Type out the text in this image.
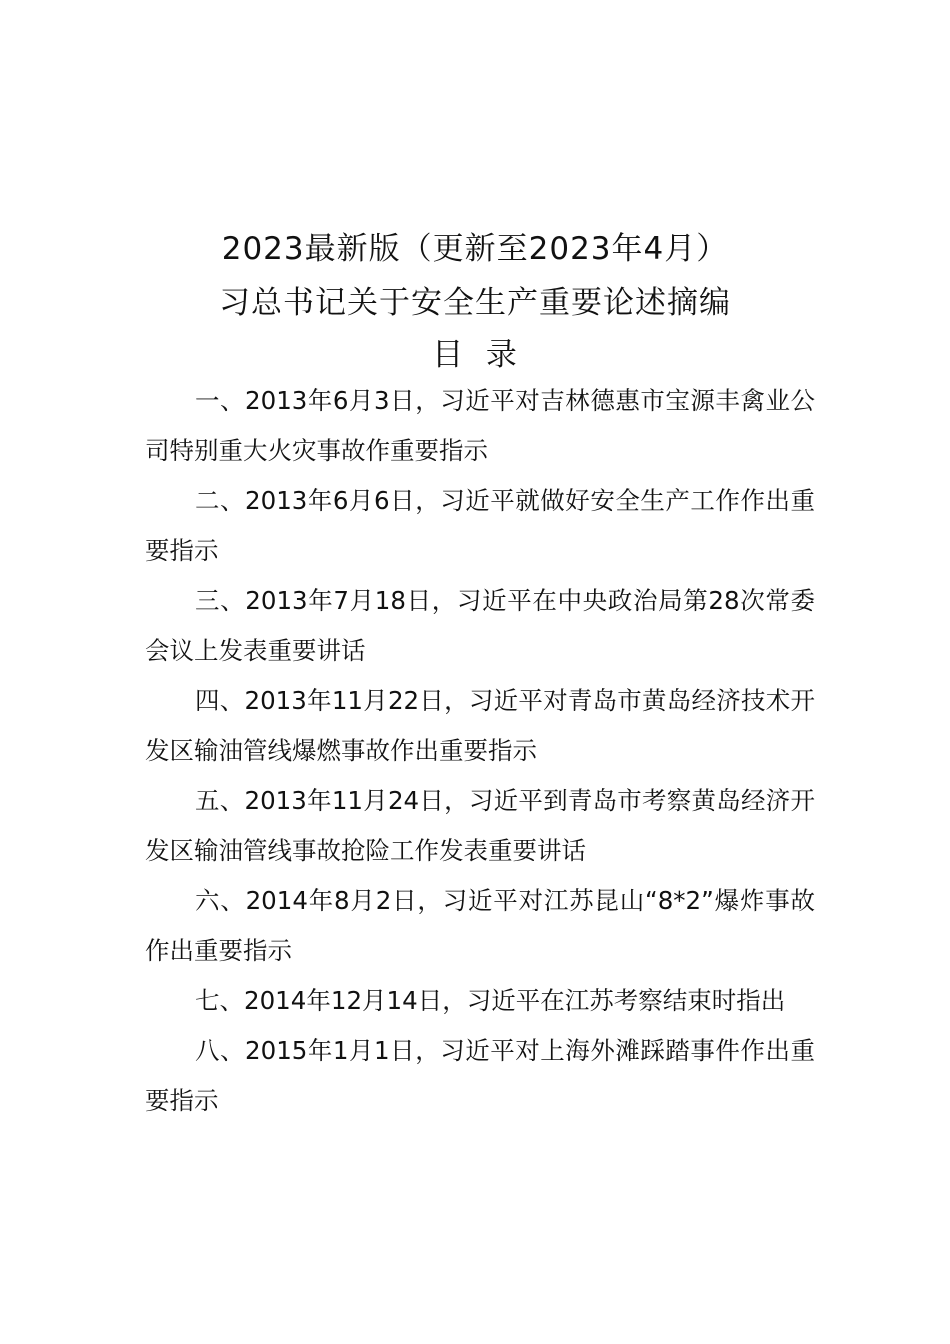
2023最新版（更新至2023年4月）
习总书记关于安全生产重要论述摘编
目  录

一、2013年6月3日，习近平对吉林德惠市宝源丰禽业公司特别重大火灾事故作重要指示

二、2013年6月6日，习近平就做好安全生产工作作出重要指示

三、2013年7月18日，习近平在中央政治局第28次常委会议上发表重要讲话

四、2013年11月22日，习近平对青岛市黄岛经济技术开发区输油管线爆燃事故作出重要指示

五、2013年11月24日，习近平到青岛市考察黄岛经济开发区输油管线事故抢险工作发表重要讲话

六、2014年8月2日，习近平对江苏昆山“8*2”爆炸事故作出重要指示

七、2014年12月14日，习近平在江苏考察结束时指出

八、2015年1月1日，习近平对上海外滩踩踏事件作出重要指示
